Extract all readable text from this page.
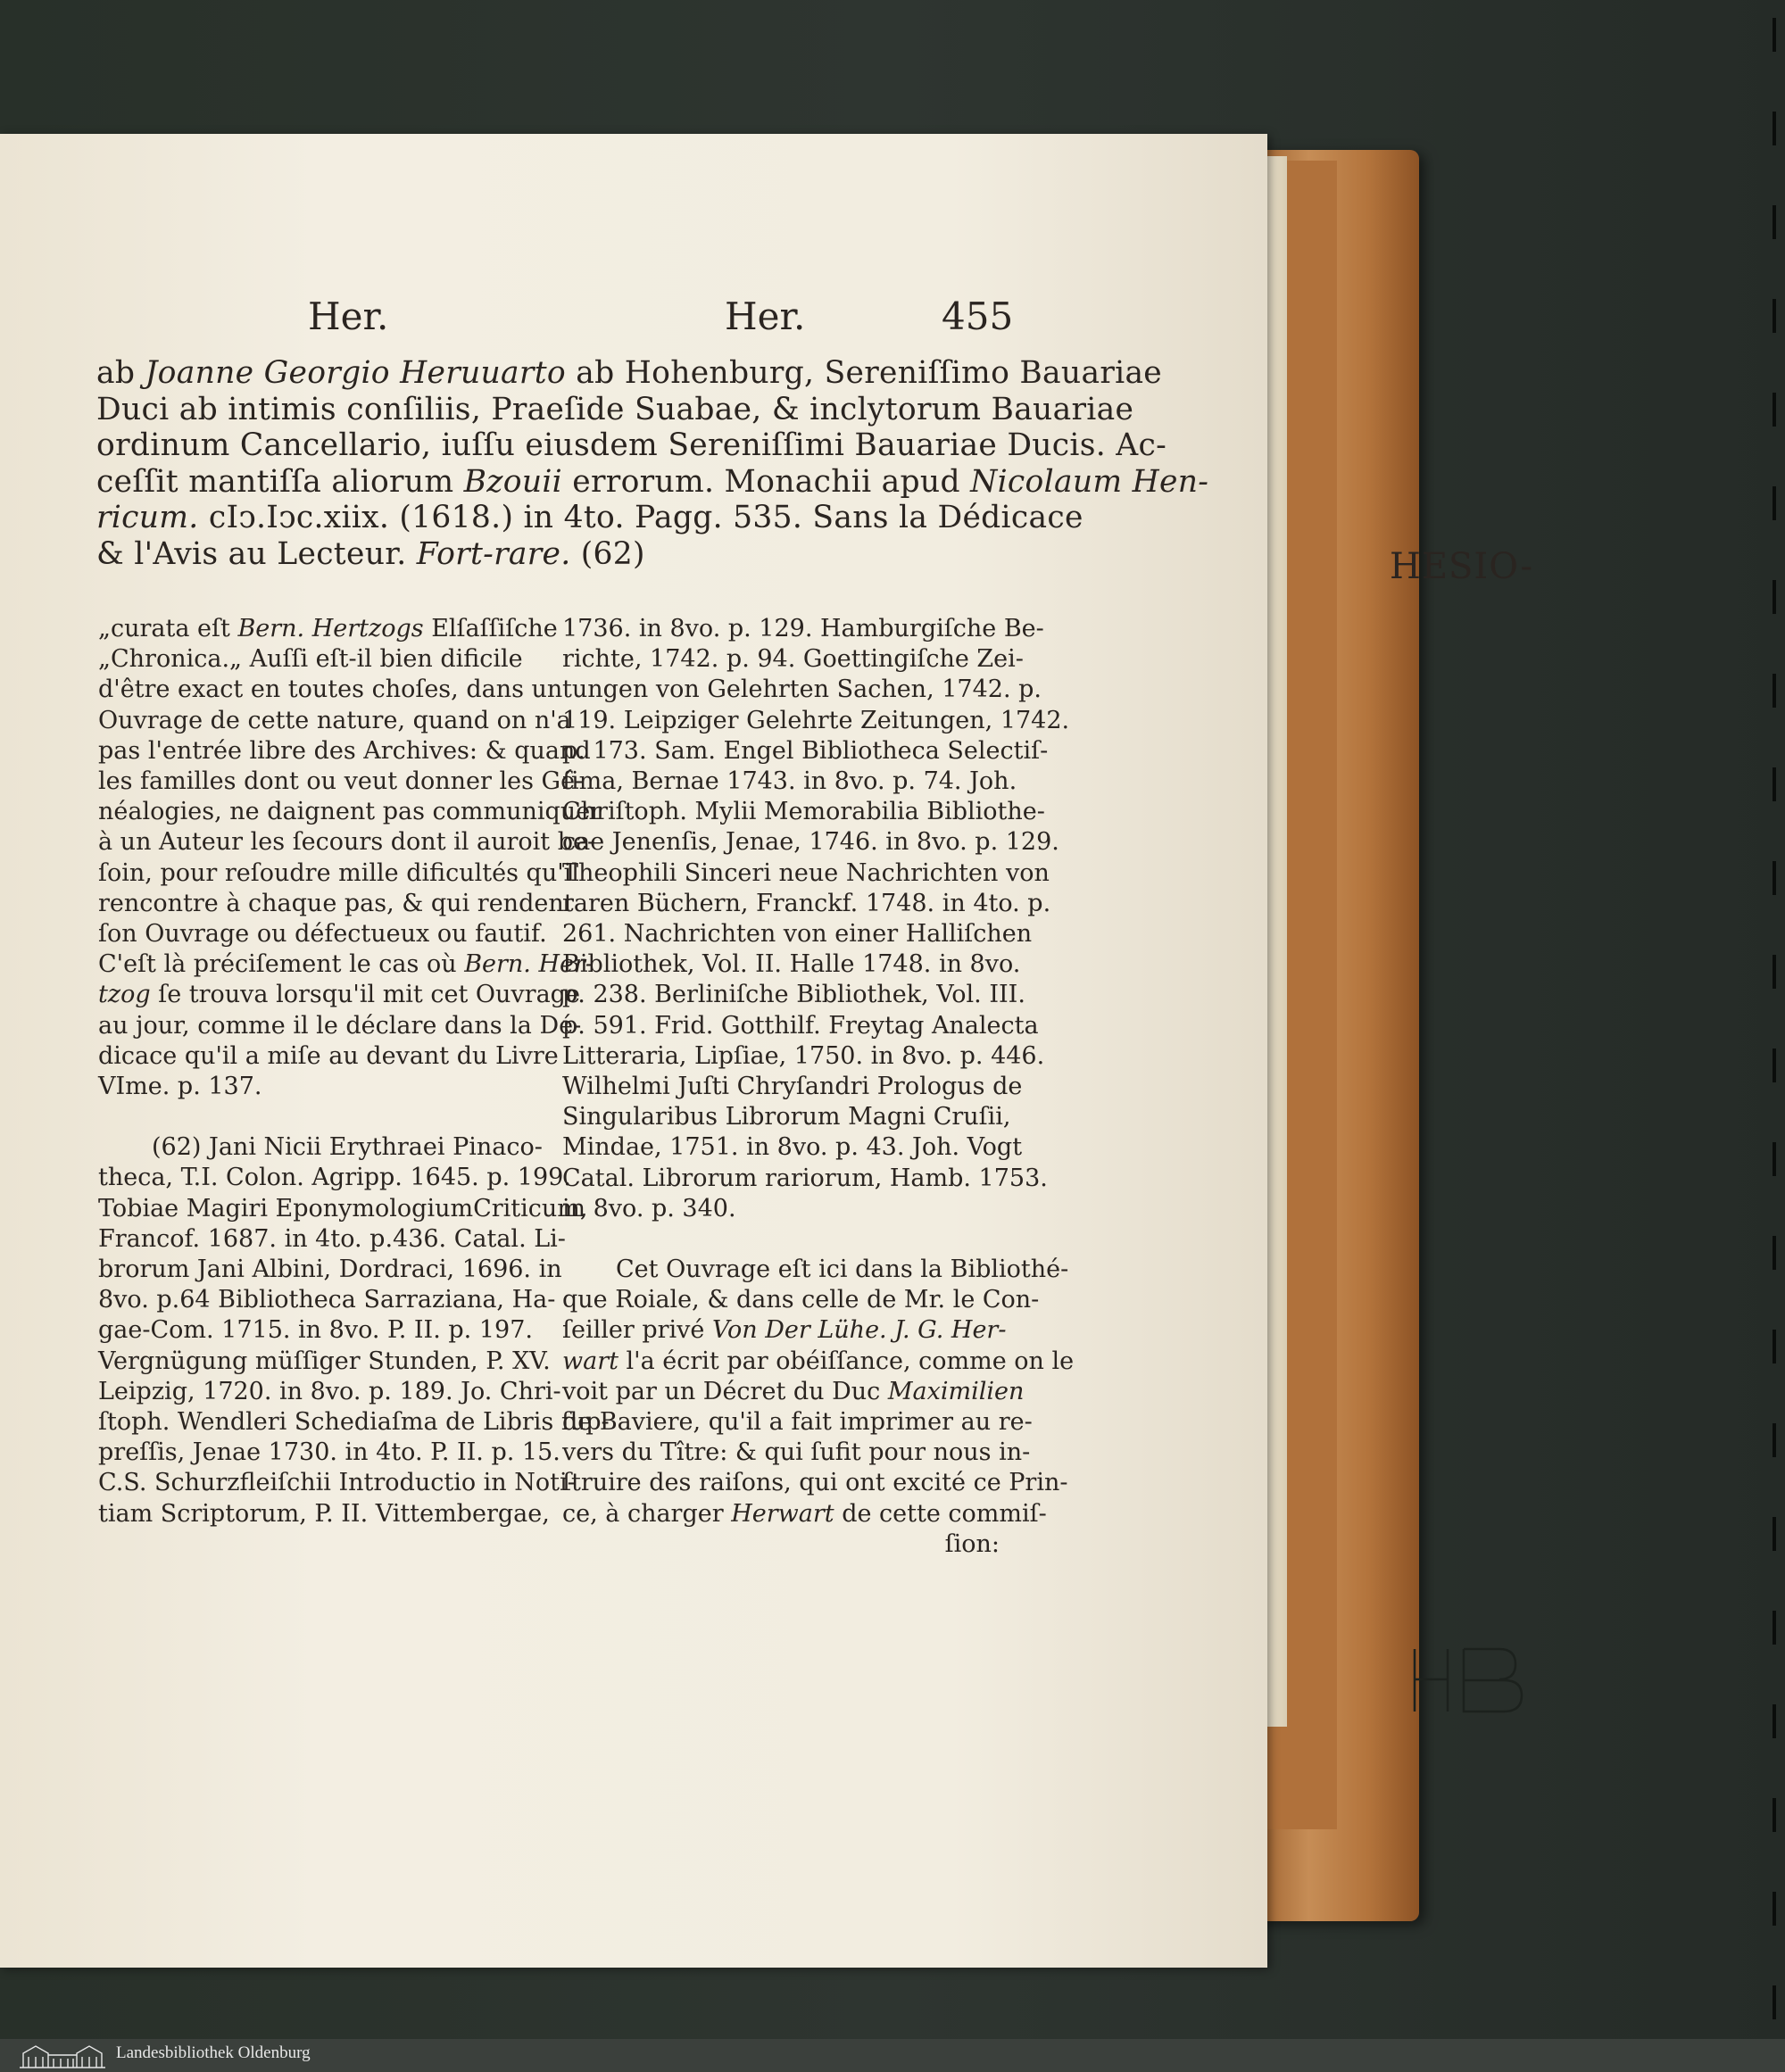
Her.	Her.	455
ab Joanne Georgio Heruuarto ab Hohenburg, Sereniſſimo Bauariae
Duci ab intimis conſiliis, Praeſide Suabae, & inclytorum Bauariae
ordinum Cancellario, iuſſu eiusdem Sereniſſimi Bauariae Ducis. Ac-
ceſſit mantiſſa aliorum Bzouii errorum. Monachii apud Nicolaum Hen-
ricum. cIↄ.Iↄc.xiix. (1618.) in 4to. Pagg. 535. Sans la Dédicace
& l'Avis au Lecteur. Fort-rare. (62)	HESIO-
„curata eſt Bern. Hertzogs Elſaſſiſche
„Chronica.„ Auſſi eſt-il bien dificile
d'être exact en toutes choſes, dans un
Ouvrage de cette nature, quand on n'a
pas l'entrée libre des Archives: & quand
les familles dont ou veut donner les Gé-
néalogies, ne daignent pas communiquer
à un Auteur les ſecours dont il auroit be-
ſoin, pour reſoudre mille dificultés qu'il
rencontre à chaque pas, & qui rendent
ſon Ouvrage ou défectueux ou fautif.
C'eſt là préciſement le cas où Bern. Her-
tzog ſe trouva lorsqu'il mit cet Ouvrage
au jour, comme il le déclare dans la Dé-
dicace qu'il a miſe au devant du Livre
VIme. p. 137.
(62) Jani Nicii Erythraei Pinaco-
theca, T.I. Colon. Agripp. 1645. p. 199.
Tobiae Magiri EponymologiumCriticum,
Francof. 1687. in 4to. p.436. Catal. Li-
brorum Jani Albini, Dordraci, 1696. in
8vo. p.64 Bibliotheca Sarraziana, Ha-
gae-Com. 1715. in 8vo. P. II. p. 197.
Vergnügung müſſiger Stunden, P. XV.
Leipzig, 1720. in 8vo. p. 189. Jo. Chri-
ſtoph. Wendleri Schediaſma de Libris ſup-
preſſis, Jenae 1730. in 4to. P. II. p. 15.
C.S. Schurzfleiſchii Introductio in Noti-
tiam Scriptorum, P. II. Vittembergae,
1736. in 8vo. p. 129. Hamburgiſche Be-
richte, 1742. p. 94. Goettingiſche Zei-
tungen von Gelehrten Sachen, 1742. p.
119. Leipziger Gelehrte Zeitungen, 1742.
p. 173. Sam. Engel Bibliotheca Selectiſ-
ſima, Bernae 1743. in 8vo. p. 74. Joh.
Chriſtoph. Mylii Memorabilia Bibliothe-
cae Jenenſis, Jenae, 1746. in 8vo. p. 129.
Theophili Sinceri neue Nachrichten von
raren Büchern, Franckf. 1748. in 4to. p.
261. Nachrichten von einer Halliſchen
Bibliothek, Vol. II. Halle 1748. in 8vo.
p. 238. Berliniſche Bibliothek, Vol. III.
p. 591. Frid. Gotthilf. Freytag Analecta
Litteraria, Lipſiae, 1750. in 8vo. p. 446.
Wilhelmi Juſti Chryſandri Prologus de
Singularibus Librorum Magni Cruſii,
Mindae, 1751. in 8vo. p. 43. Joh. Vogt
Catal. Librorum rariorum, Hamb. 1753.
in 8vo. p. 340.
Cet Ouvrage eſt ici dans la Bibliothé-
que Roiale, & dans celle de Mr. le Con-
ſeiller privé Von Der Lühe. J. G. Her-
wart l'a écrit par obéiſſance, comme on le
voit par un Décret du Duc Maximilien
de Baviere, qu'il a fait imprimer au re-
vers du Tître: & qui ſufit pour nous in-
ſtruire des raiſons, qui ont excité ce Prin-
ce, à charger Herwart de cette commiſ-
ſion:
Landesbibliothek Oldenburg
